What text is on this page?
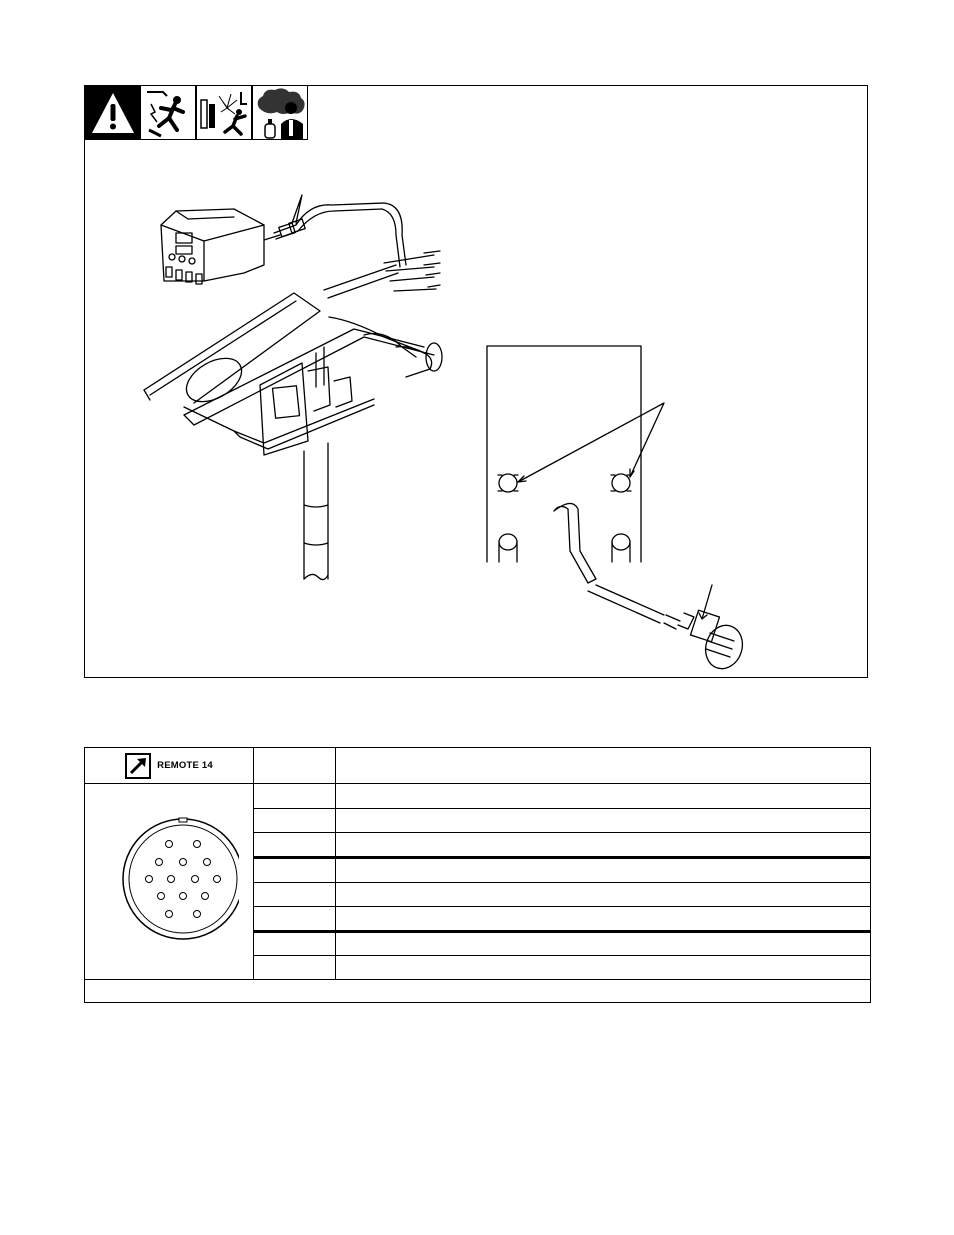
REMOTE 14		
